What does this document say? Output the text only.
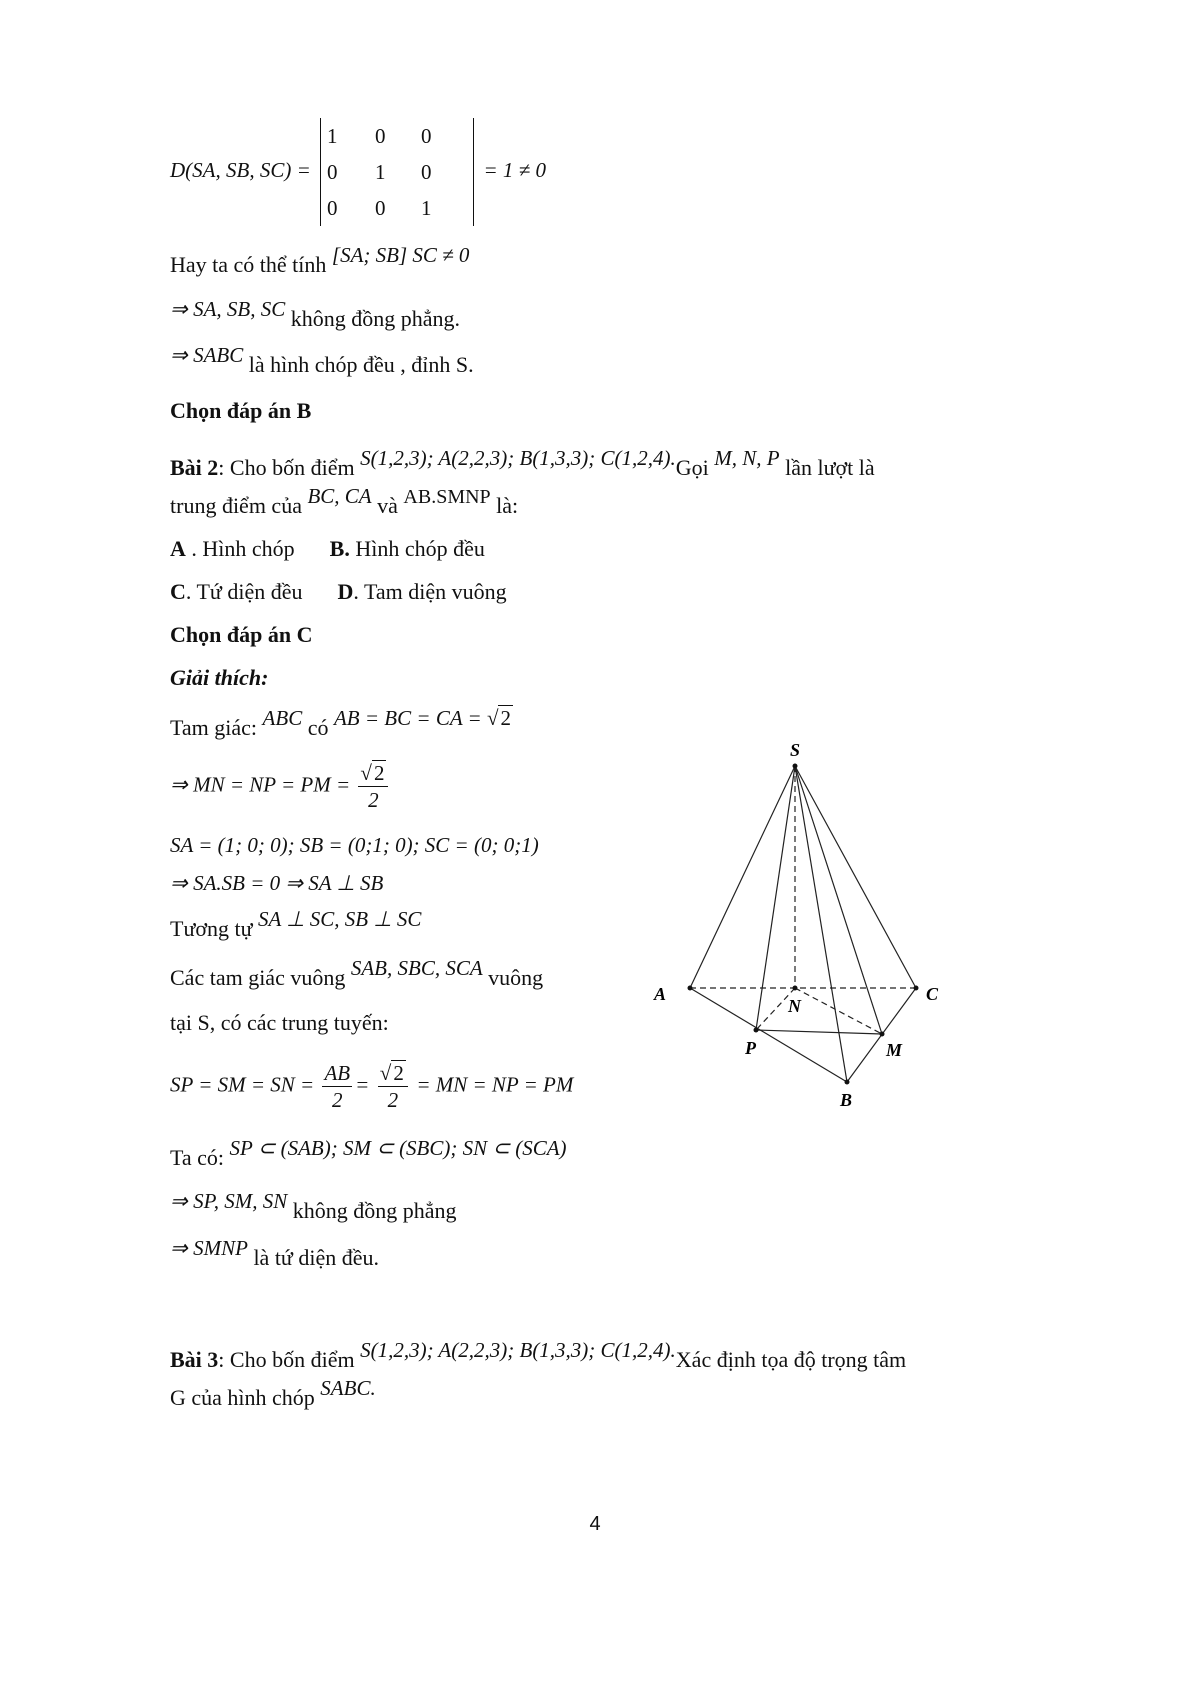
D(SA, SB, SC) =
1	0	0
0	1	0
0	0	1
= 1 ≠ 0
Hay ta có thể tính [SA; SB] SC ≠ 0
⇒ SA, SB, SC không đồng phẳng.
⇒ SABC là hình chóp đều , đỉnh S.
Chọn đáp án B
Bài 2: Cho bốn điểm S(1,2,3); A(2,2,3); B(1,3,3); C(1,2,4).Gọi M, N, P lần lượt là
trung điểm của BC, CA và AB.SMNP là:
A . Hình chóp B. Hình chóp đều
C. Tứ diện đều D. Tam diện vuông
Chọn đáp án C
Giải thích:
Tam giác: ABC có AB = BC = CA = √2
⇒ MN = NP = PM = $\frac{√2}{2}$
SA = (1; 0; 0); SB = (0;1; 0); SC = (0; 0;1)
⇒ SA.SB = 0 ⇒ SA ⊥ SB
Tương tự SA ⊥ SC, SB ⊥ SC
Các tam giác vuông SAB, SBC, SCA vuông
tại S, có các trung tuyến:
SP = SM = SN = $\frac{AB}{2} = \frac{√2}{2}$ = MN = NP = PM
Ta có: SP ⊂ (SAB); SM ⊂ (SBC); SN ⊂ (SCA)
⇒ SP, SM, SN không đồng phẳng
⇒ SMNP là tứ diện đều.
Bài 3: Cho bốn điểm S(1,2,3); A(2,2,3); B(1,3,3); C(1,2,4).Xác định tọa độ trọng tâm
G của hình chóp SABC.
S
A	C
B
N
P	M
4
